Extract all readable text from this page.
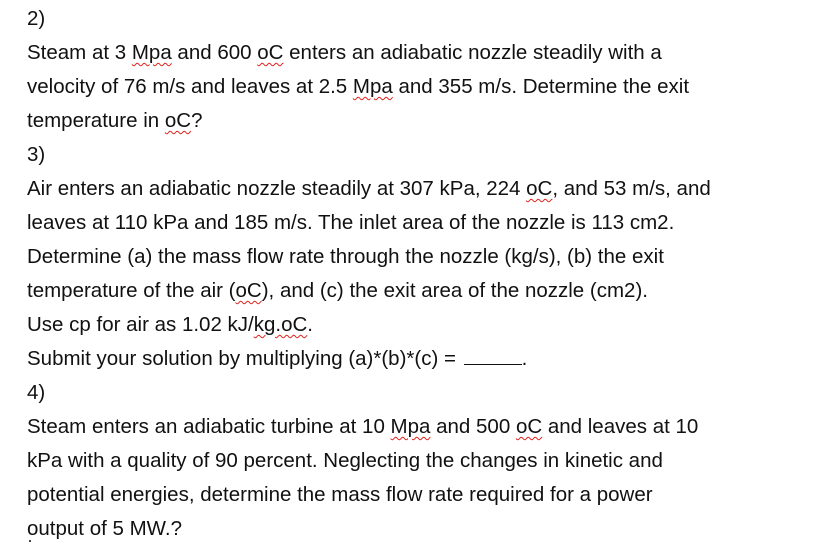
2)
Steam at 3 Mpa and 600 oC enters an adiabatic nozzle steadily with a
velocity of 76 m/s and leaves at 2.5 Mpa and 355 m/s. Determine the exit
temperature in oC?
3)
Air enters an adiabatic nozzle steadily at 307 kPa, 224 oC, and 53 m/s, and
leaves at 110 kPa and 185 m/s. The inlet area of the nozzle is 113 cm2.
Determine (a) the mass flow rate through the nozzle (kg/s), (b) the exit
temperature of the air (oC), and (c) the exit area of the nozzle (cm2).
Use cp for air as 1.02 kJ/kg.oC.
Submit your solution by multiplying (a)*(b)*(c) =	.
4)
Steam enters an adiabatic turbine at 10 Mpa and 500 oC and leaves at 10
kPa with a quality of 90 percent. Neglecting the changes in kinetic and
potential energies, determine the mass flow rate required for a power
output of 5 MW.?
